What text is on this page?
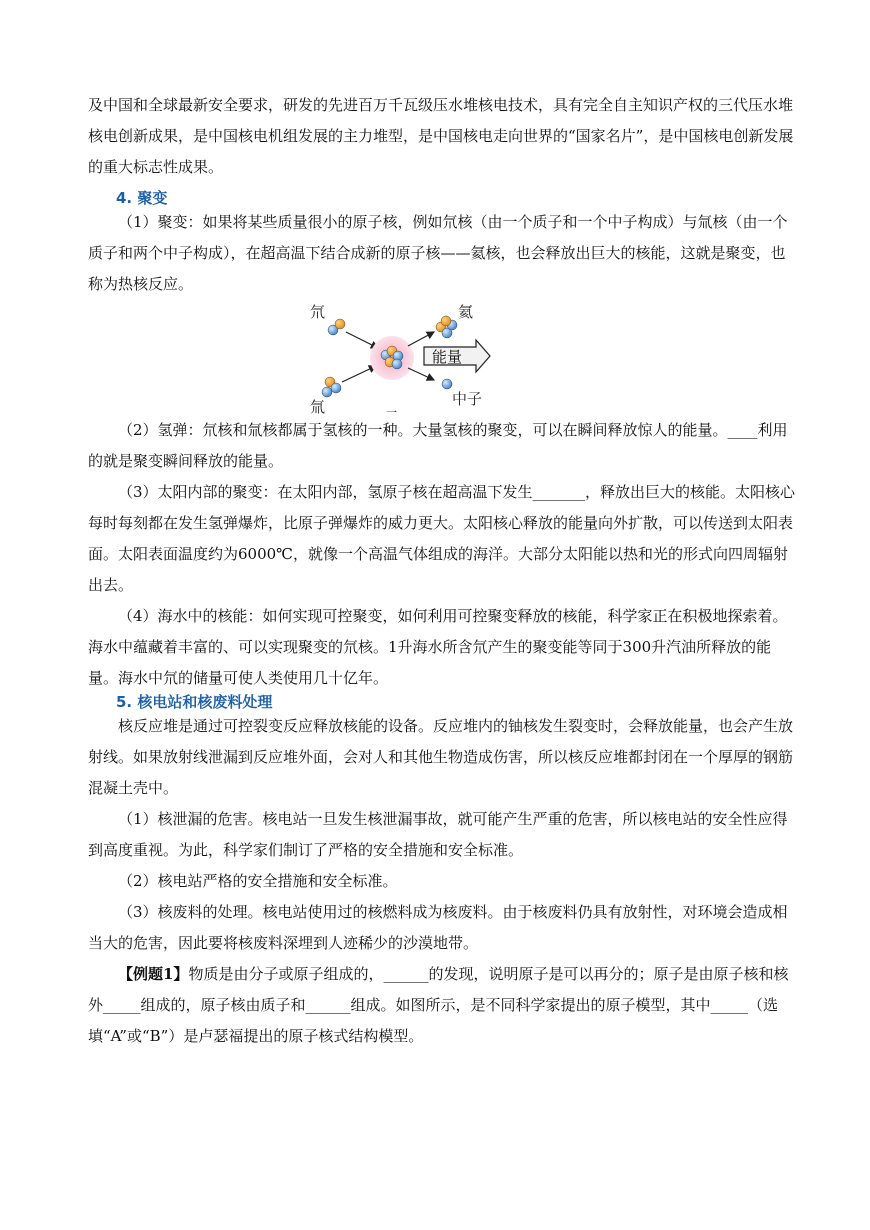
及中国和全球最新安全要求，研发的先进百万千瓦级压水堆核电技术，具有完全自主知识产权的三代压水堆核电创新成果，是中国核电机组发展的主力堆型，是中国核电走向世界的“国家名片”，是中国核电创新发展的重大标志性成果。

4. 聚变

（1）聚变：如果将某些质量很小的原子核，例如氘核（由一个质子和一个中子构成）与氚核（由一个质子和两个中子构成），在超高温下结合成新的原子核——氦核，也会释放出巨大的核能，这就是聚变，也称为热核反应。

氘
氚
氦
能量
中子
一

（2）氢弹：氘核和氚核都属于氢核的一种。大量氢核的聚变，可以在瞬间释放惊人的能量。____利用的就是聚变瞬间释放的能量。

（3）太阳内部的聚变：在太阳内部，氢原子核在超高温下发生_______，释放出巨大的核能。太阳核心每时每刻都在发生氢弹爆炸，比原子弹爆炸的威力更大。太阳核心释放的能量向外扩散，可以传送到太阳表面。太阳表面温度约为6000℃，就像一个高温气体组成的海洋。大部分太阳能以热和光的形式向四周辐射出去。

（4）海水中的核能：如何实现可控聚变，如何利用可控聚变释放的核能，科学家正在积极地探索着。海水中蕴藏着丰富的、可以实现聚变的氘核。1升海水所含氘产生的聚变能等同于300升汽油所释放的能量。海水中氘的储量可使人类使用几十亿年。

5. 核电站和核废料处理

核反应堆是通过可控裂变反应释放核能的设备。反应堆内的铀核发生裂变时，会释放能量，也会产生放射线。如果放射线泄漏到反应堆外面，会对人和其他生物造成伤害，所以核反应堆都封闭在一个厚厚的钢筋混凝土壳中。

（1）核泄漏的危害。核电站一旦发生核泄漏事故，就可能产生严重的危害，所以核电站的安全性应得到高度重视。为此，科学家们制订了严格的安全措施和安全标准。

（2）核电站严格的安全措施和安全标准。

（3）核废料的处理。核电站使用过的核燃料成为核废料。由于核废料仍具有放射性，对环境会造成相当大的危害，因此要将核废料深埋到人迹稀少的沙漠地带。

【例题1】物质是由分子或原子组成的，______的发现，说明原子是可以再分的；原子是由原子核和核外_____组成的，原子核由质子和______组成。如图所示，是不同科学家提出的原子模型，其中_____（选填“A”或“B”）是卢瑟福提出的原子核式结构模型。
